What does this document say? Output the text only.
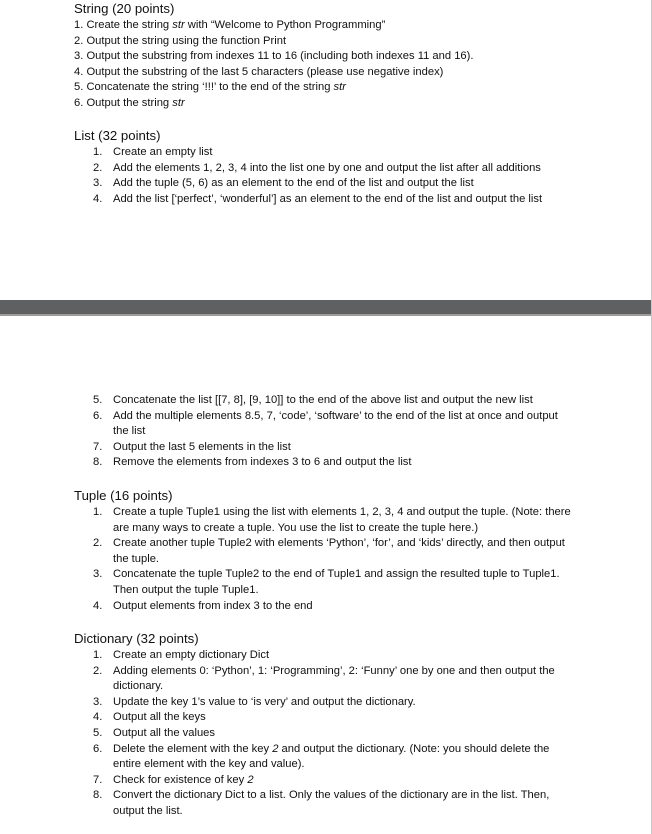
String (20 points)
1. Create the string str with “Welcome to Python Programming”
2. Output the string using the function Print
3. Output the substring from indexes 11 to 16 (including both indexes 11 and 16).
4. Output the substring of the last 5 characters (please use negative index)
5. Concatenate the string ‘!!!’ to the end of the string str
6. Output the string str
List (32 points)
1. Create an empty list
2. Add the elements 1, 2, 3, 4 into the list one by one and output the list after all additions
3. Add the tuple (5, 6) as an element to the end of the list and output the list
4. Add the list [‘perfect’, ‘wonderful’] as an element to the end of the list and output the list
5. Concatenate the list [[7, 8], [9, 10]] to the end of the above list and output the new list
6. Add the multiple elements 8.5, 7, ‘code’, ‘software’ to the end of the list at once and output the list
7. Output the last 5 elements in the list
8. Remove the elements from indexes 3 to 6 and output the list
Tuple (16 points)
1. Create a tuple Tuple1 using the list with elements 1, 2, 3, 4 and output the tuple. (Note: there are many ways to create a tuple. You use the list to create the tuple here.)
2. Create another tuple Tuple2 with elements ‘Python’, ‘for’, and ‘kids’ directly, and then output the tuple.
3. Concatenate the tuple Tuple2 to the end of Tuple1 and assign the resulted tuple to Tuple1. Then output the tuple Tuple1.
4. Output elements from index 3 to the end
Dictionary (32 points)
1. Create an empty dictionary Dict
2. Adding elements 0: ‘Python’, 1: ‘Programming’, 2: ‘Funny’ one by one and then output the dictionary.
3. Update the key 1’s value to ‘is very’ and output the dictionary.
4. Output all the keys
5. Output all the values
6. Delete the element with the key 2 and output the dictionary. (Note: you should delete the entire element with the key and value).
7. Check for existence of key 2
8. Convert the dictionary Dict to a list. Only the values of the dictionary are in the list. Then, output the list.
